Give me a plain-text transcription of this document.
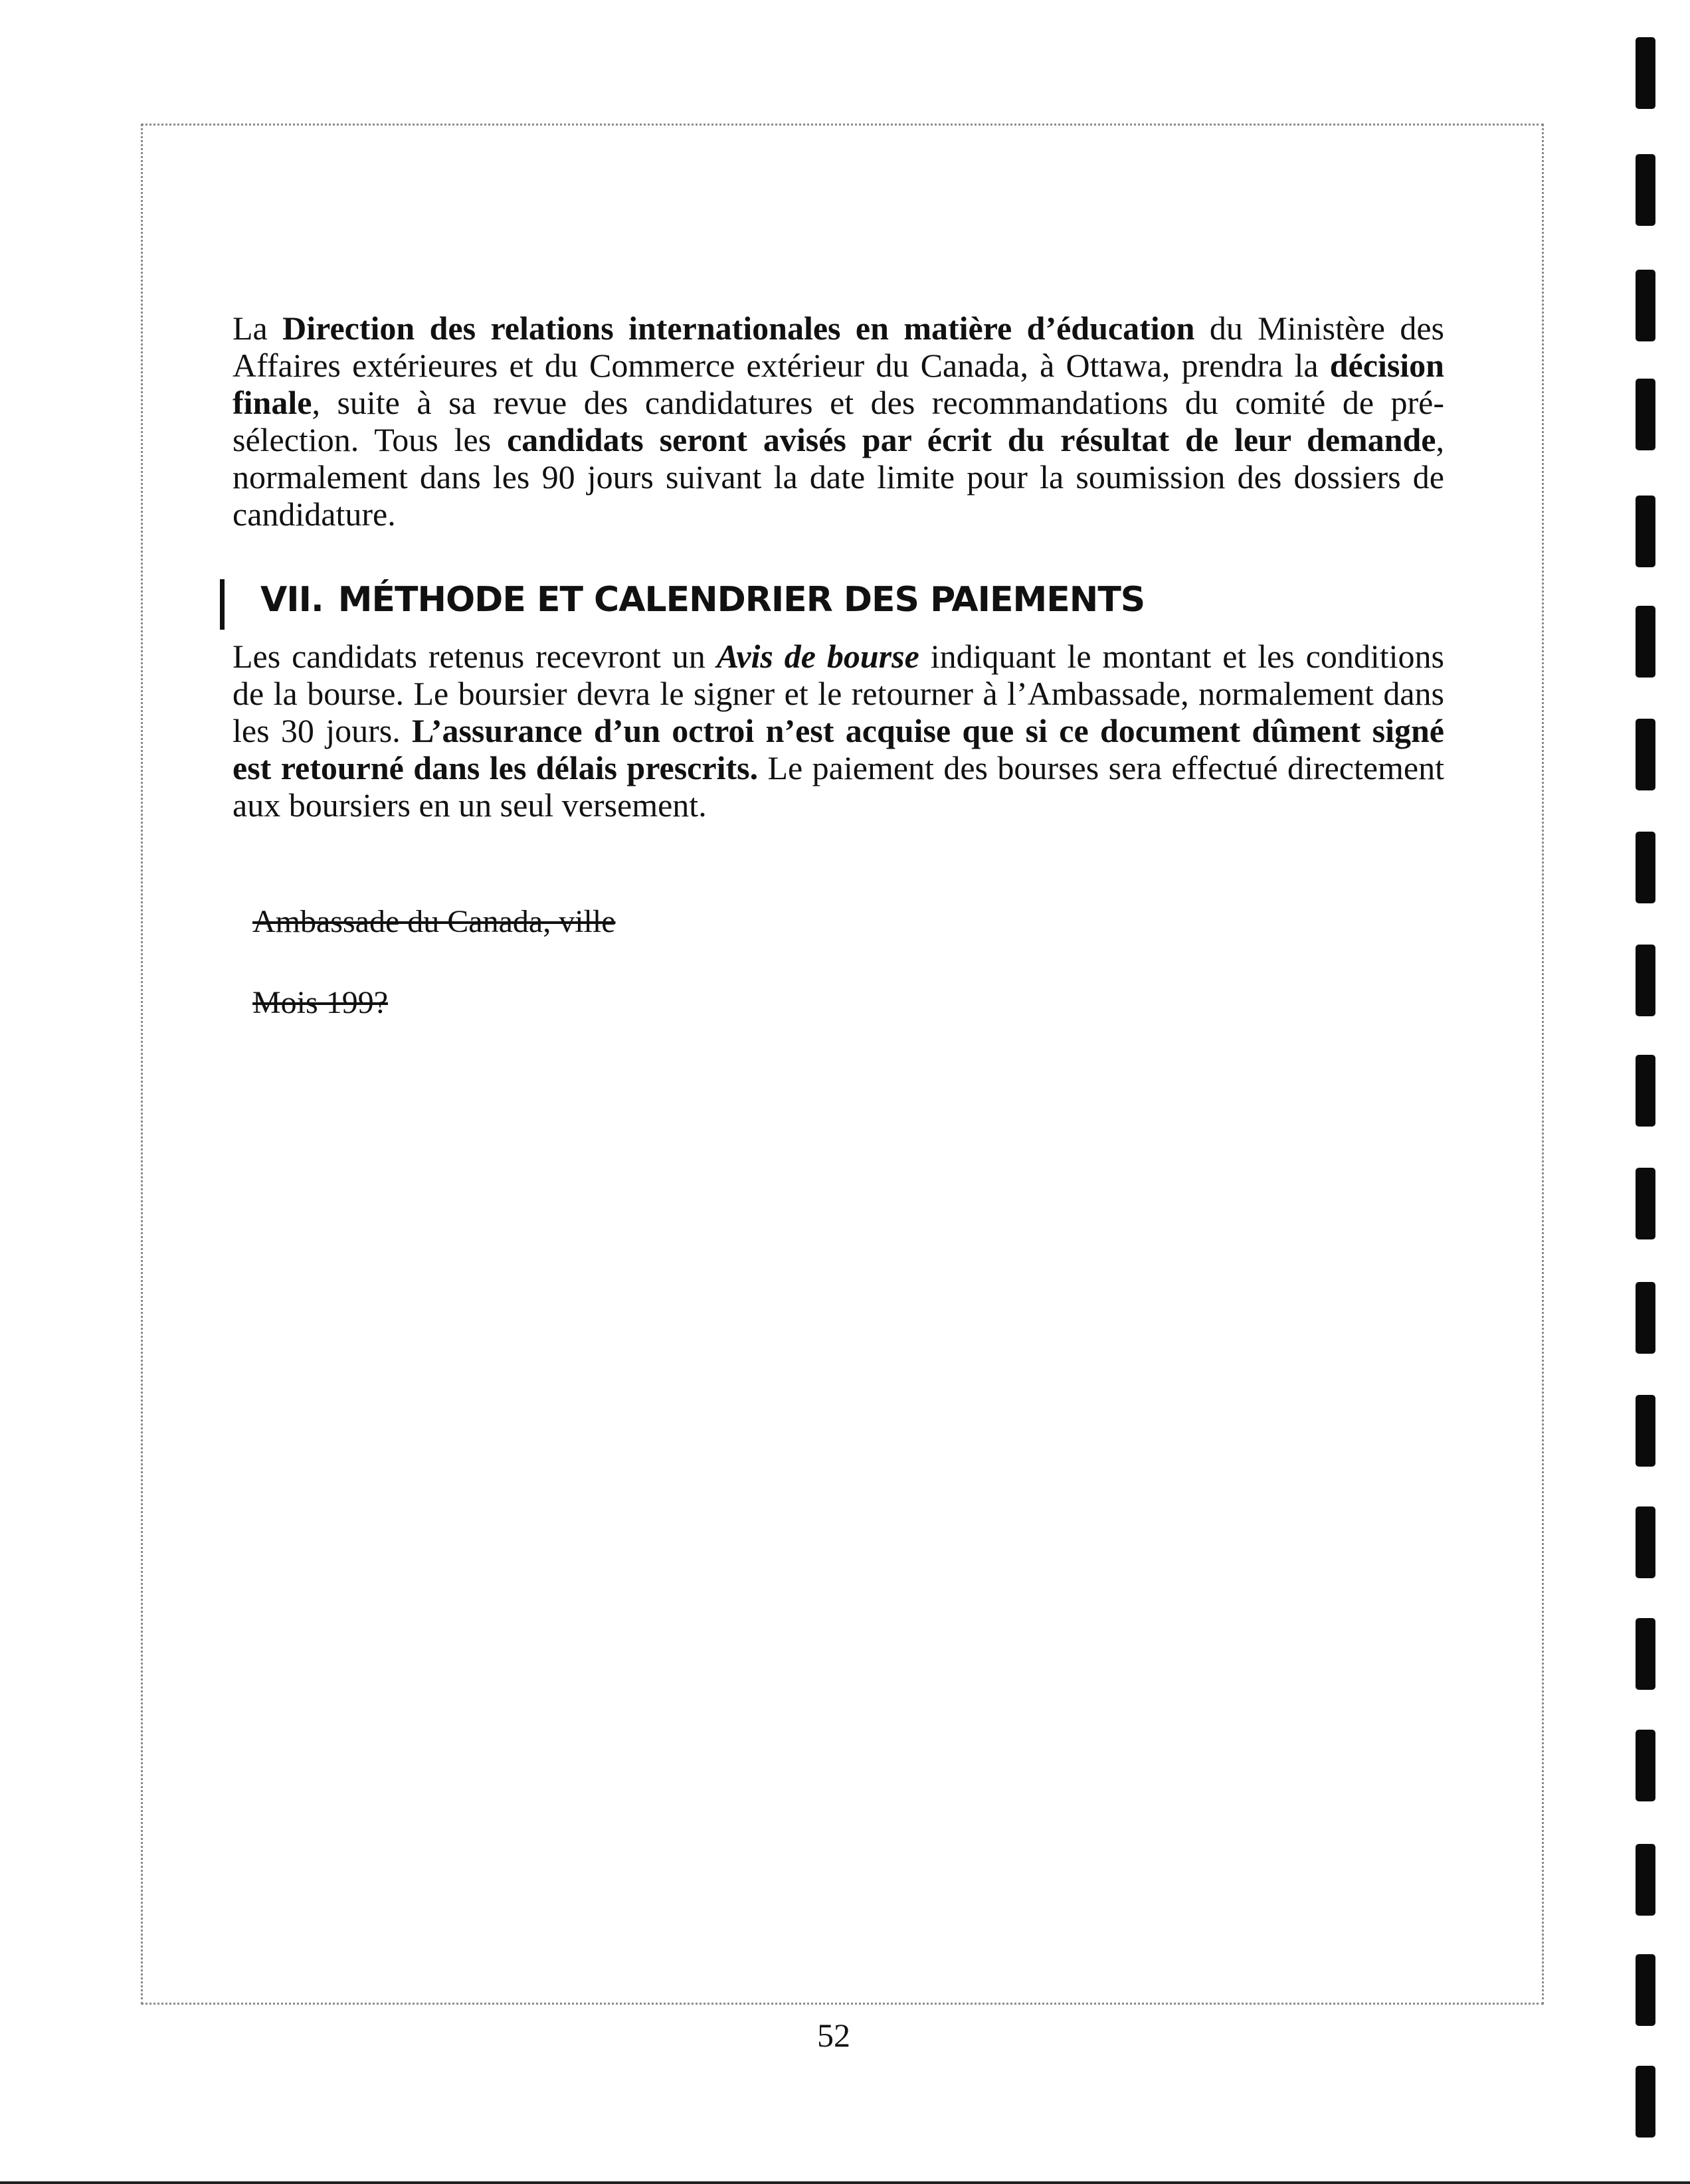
La Direction des relations internationales en matière d’éducation du Ministère des Affaires extérieures et du Commerce extérieur du Canada, à Ottawa, prendra la décision finale, suite à sa revue des candidatures et des recommandations du comité de pré-sélection. Tous les candidats seront avisés par écrit du résultat de leur demande, normalement dans les 90 jours suivant la date limite pour la soumission des dossiers de candidature.

VII. MÉTHODE ET CALENDRIER DES PAIEMENTS

Les candidats retenus recevront un Avis de bourse indiquant le montant et les conditions de la bourse. Le boursier devra le signer et le retourner à l’Ambassade, normalement dans les 30 jours. L’assurance d’un octroi n’est acquise que si ce document dûment signé est retourné dans les délais prescrits. Le paiement des bourses sera effectué directement aux boursiers en un seul versement.

Ambassade du Canada, ville

Mois 199?

52
